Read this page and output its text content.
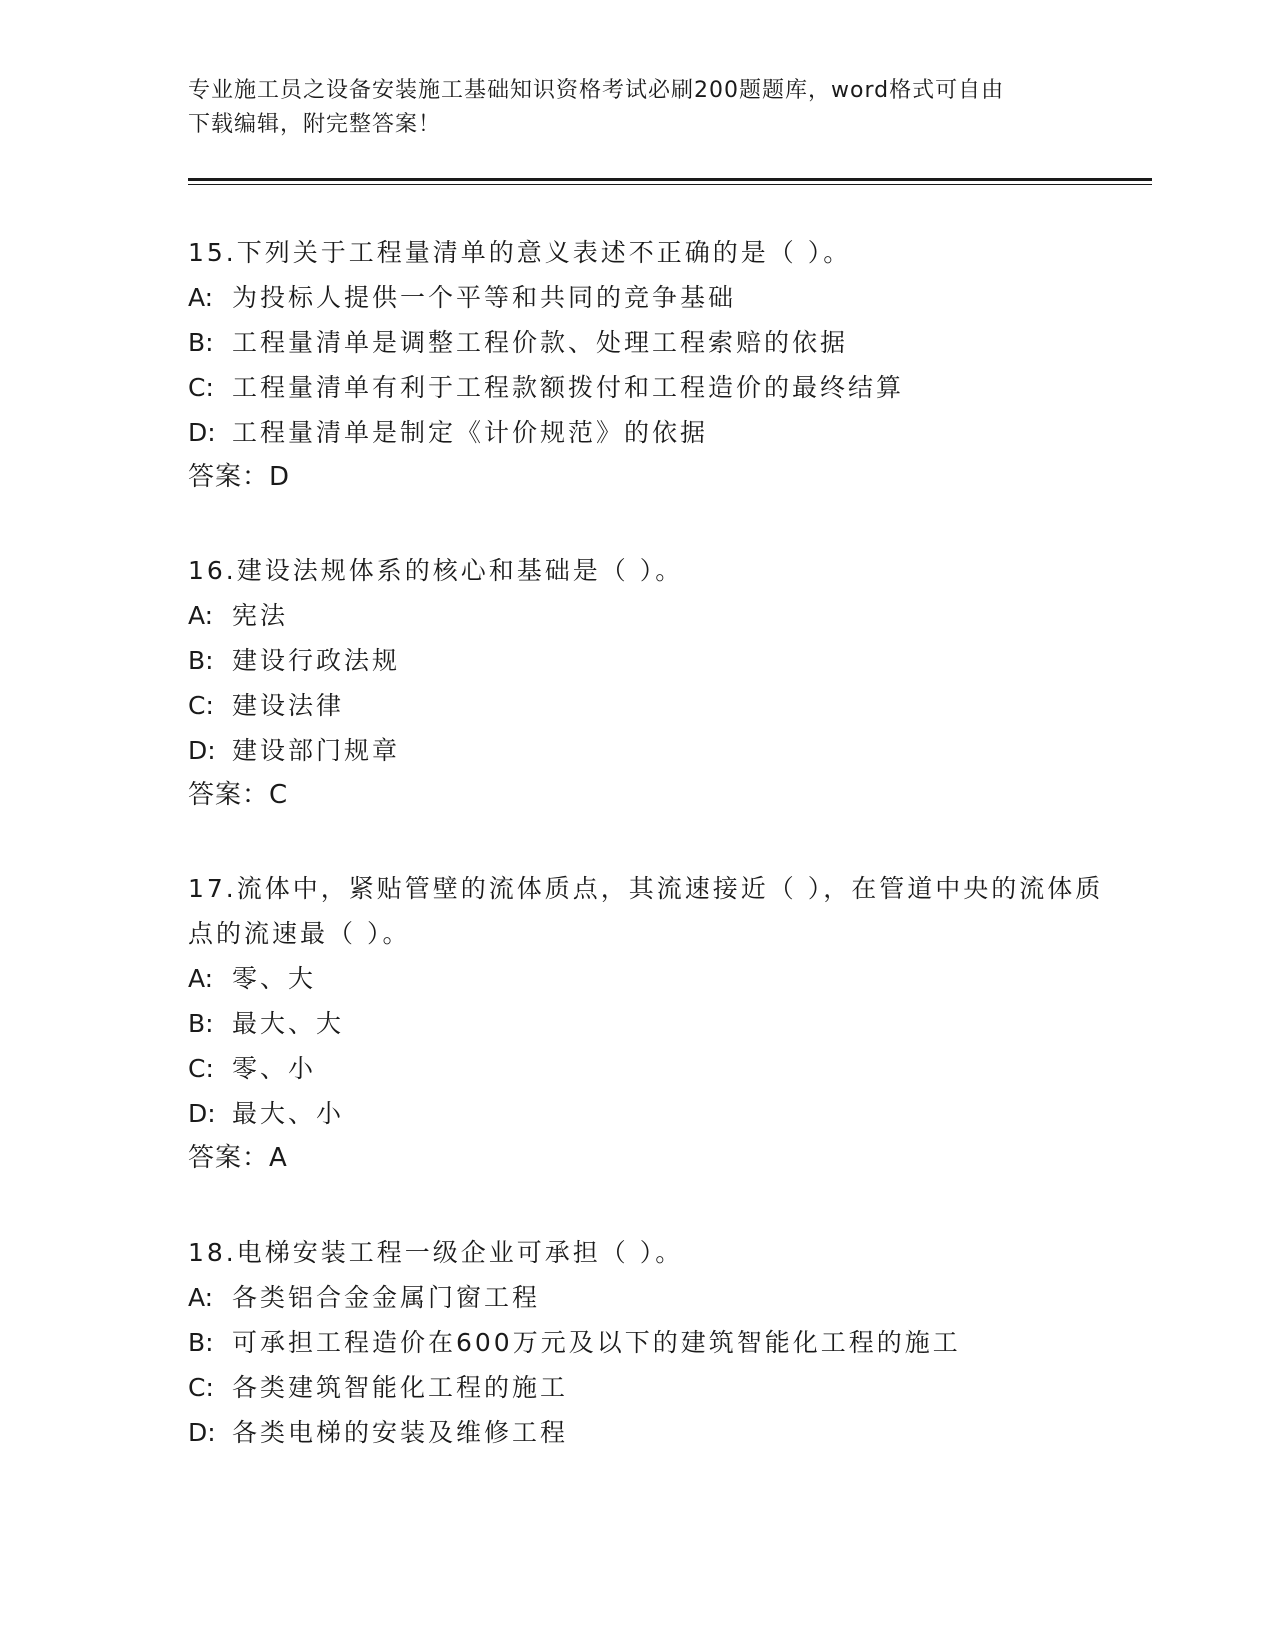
专业施工员之设备安装施工基础知识资格考试必刷200题题库，word格式可自由
下载编辑，附完整答案！

15.下列关于工程量清单的意义表述不正确的是（ ）。

A: 为投标人提供一个平等和共同的竞争基础

B: 工程量清单是调整工程价款、处理工程索赔的依据

C: 工程量清单有利于工程款额拨付和工程造价的最终结算

D: 工程量清单是制定《计价规范》的依据

答案：D

16.建设法规体系的核心和基础是（ ）。

A: 宪法

B: 建设行政法规

C: 建设法律

D: 建设部门规章

答案：C

17.流体中，紧贴管壁的流体质点，其流速接近（ ），在管道中央的流体质点的流速最（ ）。

A: 零、大

B: 最大、大

C: 零、小

D: 最大、小

答案：A

18.电梯安装工程一级企业可承担（ ）。

A: 各类铝合金金属门窗工程

B: 可承担工程造价在600万元及以下的建筑智能化工程的施工

C: 各类建筑智能化工程的施工

D: 各类电梯的安装及维修工程
